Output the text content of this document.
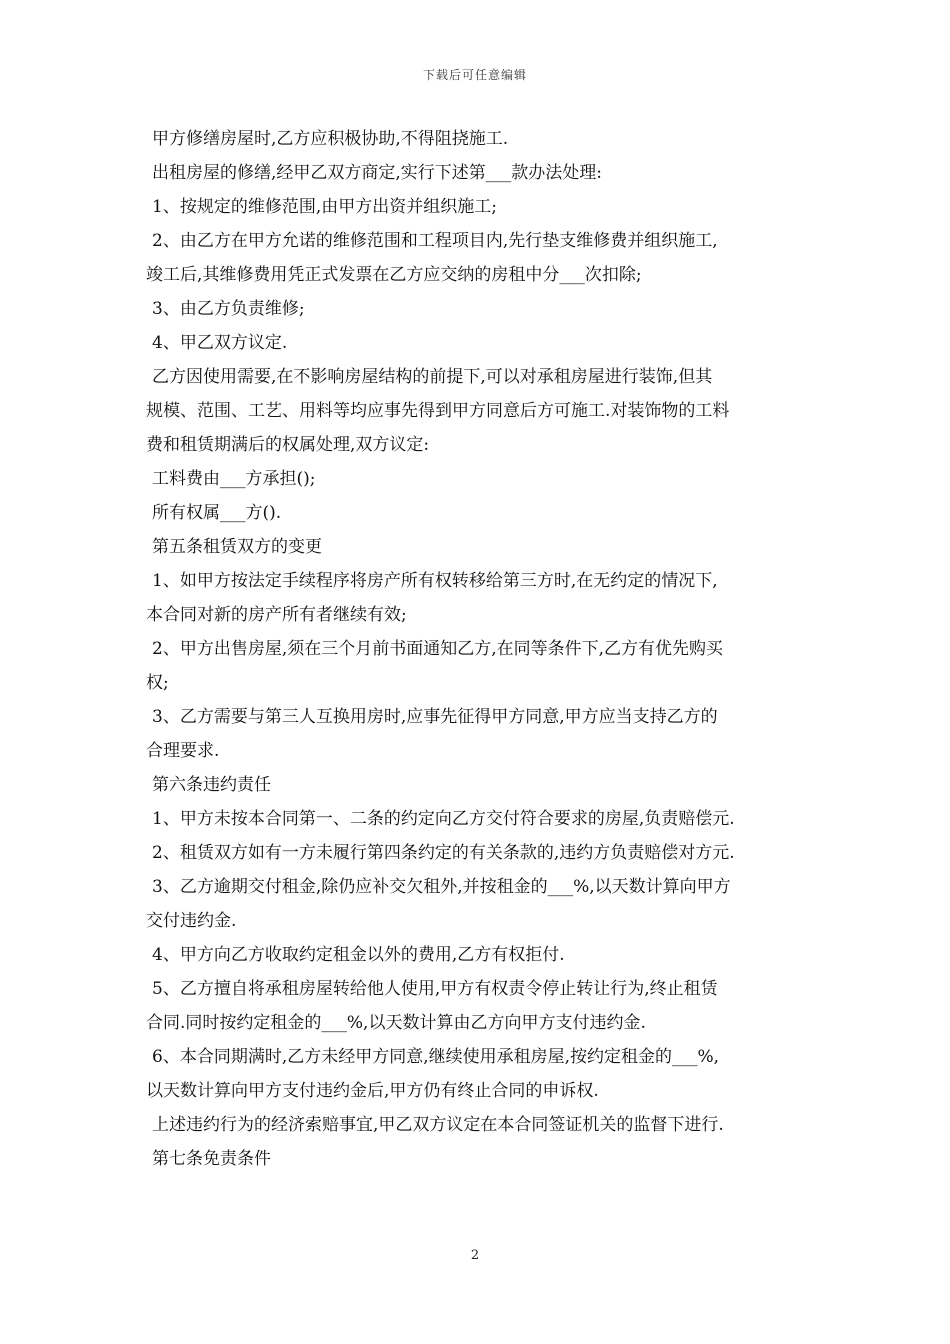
下载后可任意编辑
甲方修缮房屋时,乙方应积极协助,不得阻挠施工.
出租房屋的修缮,经甲乙双方商定,实行下述第___款办法处理:
1、按规定的维修范围,由甲方出资并组织施工;
2、由乙方在甲方允诺的维修范围和工程项目内,先行垫支维修费并组织施工,
竣工后,其维修费用凭正式发票在乙方应交纳的房租中分___次扣除;
3、由乙方负责维修;
4、甲乙双方议定.
乙方因使用需要,在不影响房屋结构的前提下,可以对承租房屋进行装饰,但其
规模、范围、工艺、用料等均应事先得到甲方同意后方可施工.对装饰物的工料
费和租赁期满后的权属处理,双方议定:
工料费由___方承担();
所有权属___方().
第五条租赁双方的变更
1、如甲方按法定手续程序将房产所有权转移给第三方时,在无约定的情况下,
本合同对新的房产所有者继续有效;
2、甲方出售房屋,须在三个月前书面通知乙方,在同等条件下,乙方有优先购买
权;
3、乙方需要与第三人互换用房时,应事先征得甲方同意,甲方应当支持乙方的
合理要求.
第六条违约责任
1、甲方未按本合同第一、二条的约定向乙方交付符合要求的房屋,负责赔偿元.
2、租赁双方如有一方未履行第四条约定的有关条款的,违约方负责赔偿对方元.
3、乙方逾期交付租金,除仍应补交欠租外,并按租金的___%,以天数计算向甲方
交付违约金.
4、甲方向乙方收取约定租金以外的费用,乙方有权拒付.
5、乙方擅自将承租房屋转给他人使用,甲方有权责令停止转让行为,终止租赁
合同.同时按约定租金的___%,以天数计算由乙方向甲方支付违约金.
6、本合同期满时,乙方未经甲方同意,继续使用承租房屋,按约定租金的___%,
以天数计算向甲方支付违约金后,甲方仍有终止合同的申诉权.
上述违约行为的经济索赔事宜,甲乙双方议定在本合同签证机关的监督下进行.
第七条免责条件
2
